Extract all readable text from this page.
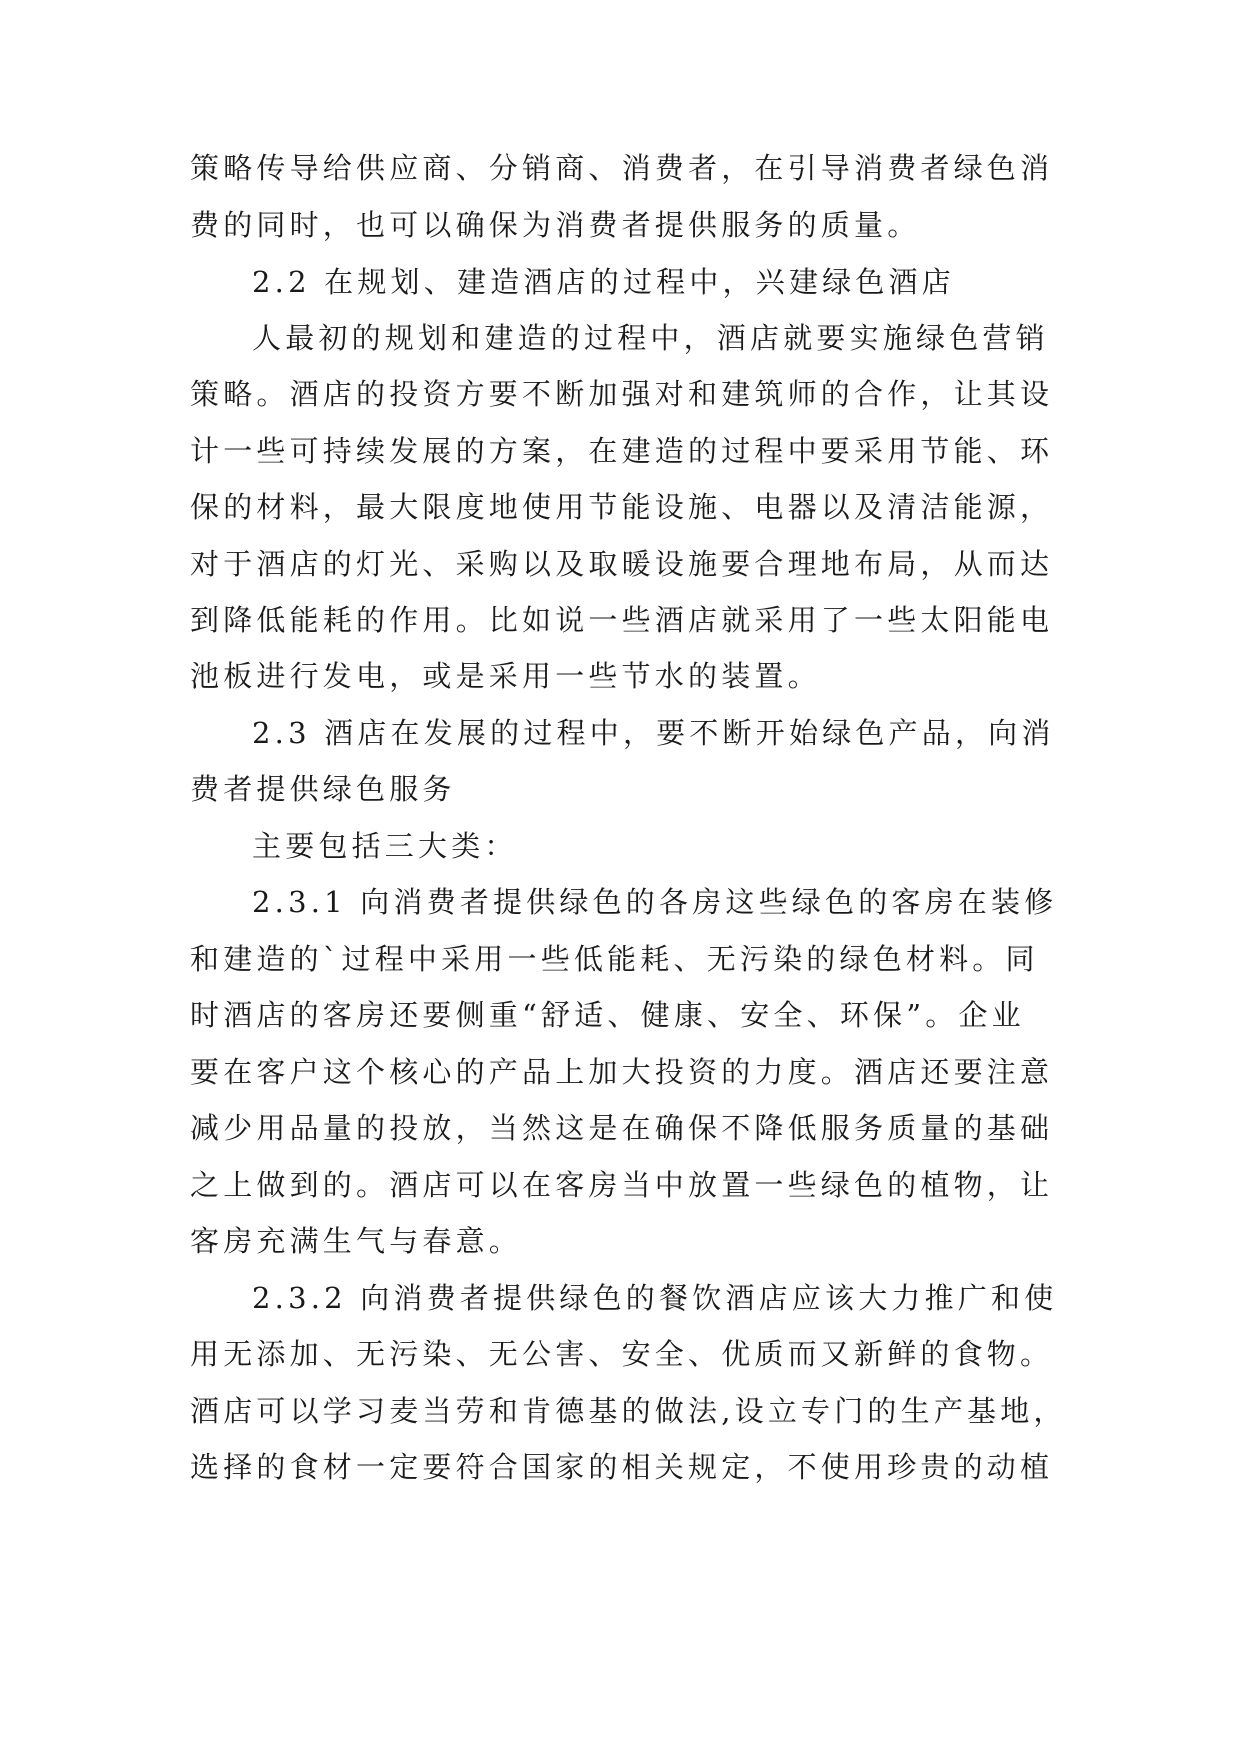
策略传导给供应商、分销商、消费者，在引导消费者绿色消
费的同时，也可以确保为消费者提供服务的质量。
2.2 在规划、建造酒店的过程中，兴建绿色酒店
人最初的规划和建造的过程中，酒店就要实施绿色营销
策略。酒店的投资方要不断加强对和建筑师的合作，让其设
计一些可持续发展的方案，在建造的过程中要采用节能、环
保的材料，最大限度地使用节能设施、电器以及清洁能源，
对于酒店的灯光、采购以及取暖设施要合理地布局，从而达
到降低能耗的作用。比如说一些酒店就采用了一些太阳能电
池板进行发电，或是采用一些节水的装置。
2.3 酒店在发展的过程中，要不断开始绿色产品，向消
费者提供绿色服务
主要包括三大类：
2.3.1 向消费者提供绿色的各房这些绿色的客房在装修
和建造的`过程中采用一些低能耗、无污染的绿色材料。同
时酒店的客房还要侧重“舒适、健康、安全、环保”。企业
要在客户这个核心的产品上加大投资的力度。酒店还要注意
减少用品量的投放，当然这是在确保不降低服务质量的基础
之上做到的。酒店可以在客房当中放置一些绿色的植物，让
客房充满生气与春意。
2.3.2 向消费者提供绿色的餐饮酒店应该大力推广和使
用无添加、无污染、无公害、安全、优质而又新鲜的食物。
酒店可以学习麦当劳和肯德基的做法,设立专门的生产基地，
选择的食材一定要符合国家的相关规定，不使用珍贵的动植
